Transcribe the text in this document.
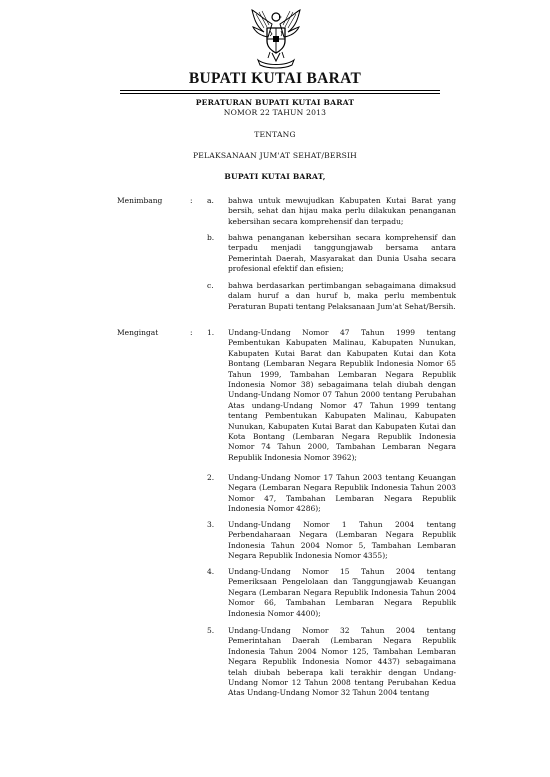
BUPATI KUTAI BARAT
PERATURAN BUPATI KUTAI BARAT
NOMOR 22 TAHUN 2013
TENTANG
PELAKSANAAN JUM'AT SEHAT/BERSIH
BUPATI KUTAI BARAT,
Menimbang	: a. bahwa untuk mewujudkan Kabupaten Kutai Barat yang bersih, sehat dan hijau maka perlu dilakukan penanganan kebersihan secara komprehensif dan terpadu;
b. bahwa penanganan kebersihan secara komprehensif dan terpadu menjadi tanggungjawab bersama antara Pemerintah Daerah, Masyarakat dan Dunia Usaha secara profesional efektif dan efisien;
c. bahwa berdasarkan pertimbangan sebagaimana dimaksud dalam huruf a dan huruf b, maka perlu membentuk Peraturan Bupati tentang Pelaksanaan Jum'at Sehat/Bersih.
Mengingat	: 1. Undang-Undang Nomor 47 Tahun 1999 tentang Pembentukan Kabupaten Malinau, Kabupaten Nunukan, Kabupaten Kutai Barat dan Kabupaten Kutai dan Kota Bontang (Lembaran Negara Republik Indonesia Nomor 65 Tahun 1999, Tambahan Lembaran Negara Republik Indonesia Nomor 38) sebagaimana telah diubah dengan Undang-Undang Nomor 07 Tahun 2000 tentang Perubahan Atas undang-Undang Nomor 47 Tahun 1999 tentang tentang Pembentukan Kabupaten Malinau, Kabupaten Nunukan, Kabupaten Kutai Barat dan Kabupaten Kutai dan Kota Bontang (Lembaran Negara Republik Indonesia Nomor 74 Tahun 2000, Tambahan Lembaran Negara Republik Indonesia Nomor 3962);
2. Undang-Undang Nomor 17 Tahun 2003 tentang Keuangan Negara (Lembaran Negara Republik Indonesia Tahun 2003 Nomor 47, Tambahan Lembaran Negara Republik Indonesia Nomor 4286);
3. Undang-Undang Nomor 1 Tahun 2004 tentang Perbendaharaan Negara (Lembaran Negara Republik Indonesia Tahun 2004 Nomor 5, Tambahan Lembaran Negara Republik Indonesia Nomor 4355);
4. Undang-Undang Nomor 15 Tahun 2004 tentang Pemeriksaan Pengelolaan dan Tanggungjawab Keuangan Negara (Lembaran Negara Republik Indonesia Tahun 2004 Nomor 66, Tambahan Lembaran Negara Republik Indonesia Nomor 4400);
5. Undang-Undang Nomor 32 Tahun 2004 tentang Pemerintahan Daerah (Lembaran Negara Republik Indonesia Tahun 2004 Nomor 125, Tambahan Lembaran Negara Republik Indonesia Nomor 4437) sebagaimana telah diubah beberapa kali terakhir dengan Undang-Undang Nomor 12 Tahun 2008 tentang Perubahan Kedua Atas Undang-Undang Nomor 32 Tahun 2004 tentang
